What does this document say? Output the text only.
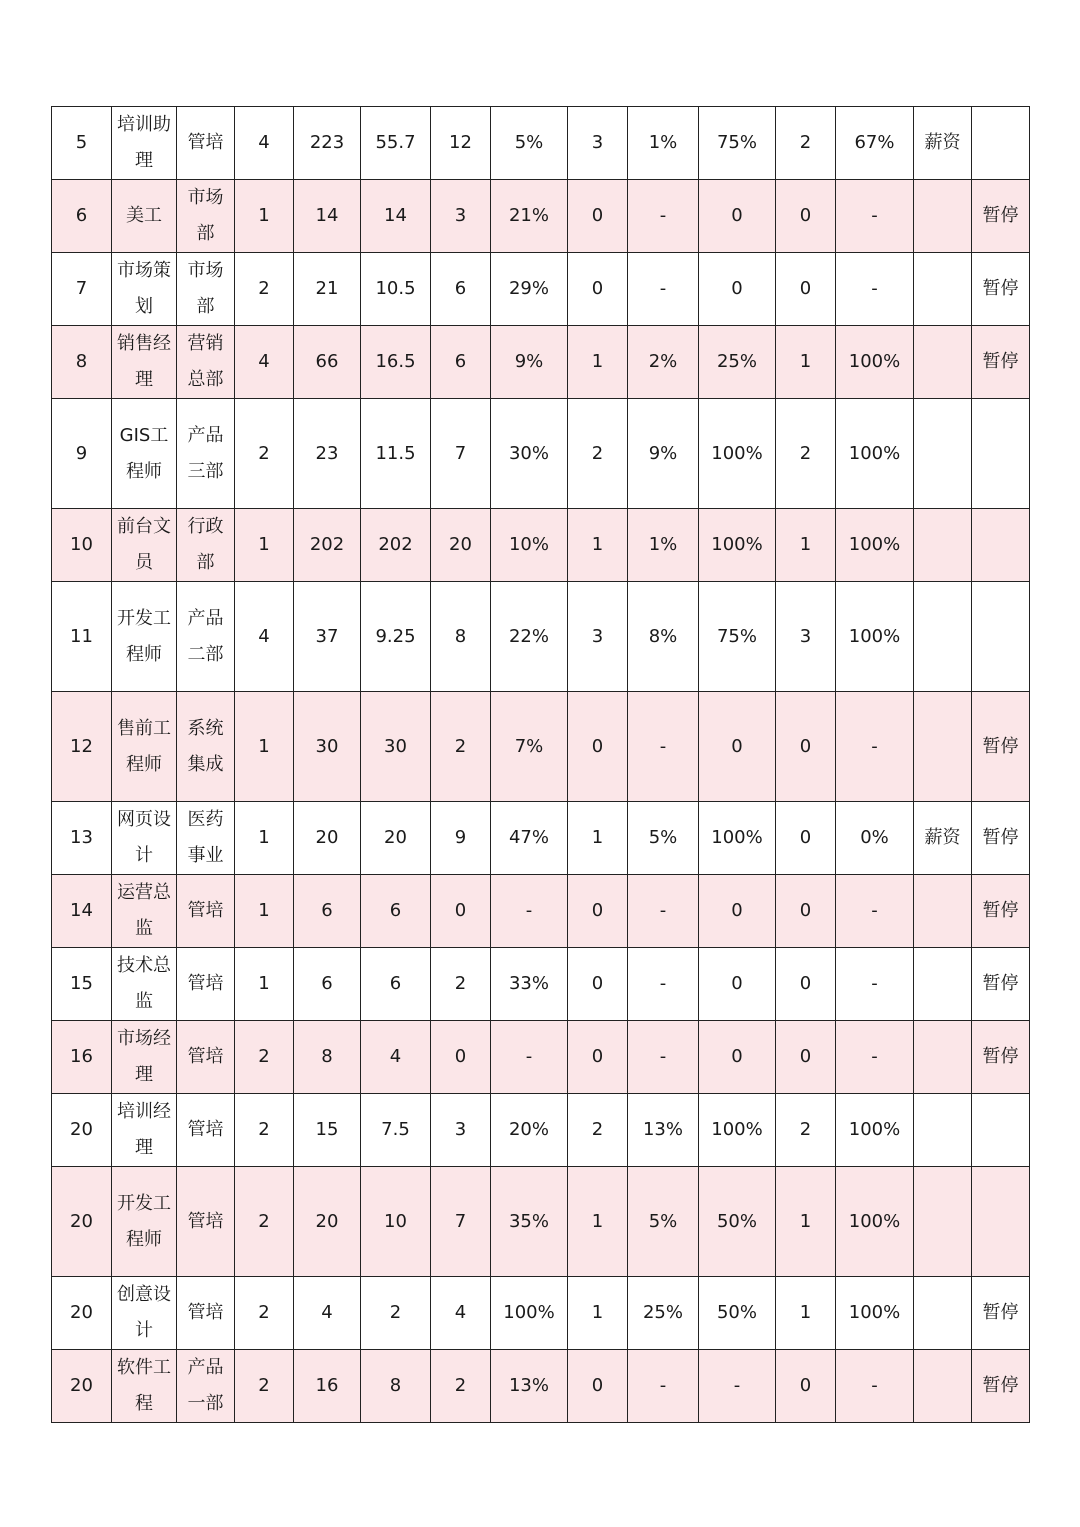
5	培训助理	管培	4	223	55.7	12	5%	3	1%	75%	2	67%	薪资	
6	美工	市场部	1	14	14	3	21%	0	-	0	0	-		暂停
7	市场策划	市场部	2	21	10.5	6	29%	0	-	0	0	-		暂停
8	销售经理	营销总部	4	66	16.5	6	9%	1	2%	25%	1	100%		暂停
9	GIS工程师	产品三部	2	23	11.5	7	30%	2	9%	100%	2	100%		
10	前台文员	行政部	1	202	202	20	10%	1	1%	100%	1	100%		
11	开发工程师	产品二部	4	37	9.25	8	22%	3	8%	75%	3	100%		
12	售前工程师	系统集成	1	30	30	2	7%	0	-	0	0	-		暂停
13	网页设计	医药事业	1	20	20	9	47%	1	5%	100%	0	0%	薪资	暂停
14	运营总监	管培	1	6	6	0	-	0	-	0	0	-		暂停
15	技术总监	管培	1	6	6	2	33%	0	-	0	0	-		暂停
16	市场经理	管培	2	8	4	0	-	0	-	0	0	-		暂停
20	培训经理	管培	2	15	7.5	3	20%	2	13%	100%	2	100%		
20	开发工程师	管培	2	20	10	7	35%	1	5%	50%	1	100%		
20	创意设计	管培	2	4	2	4	100%	1	25%	50%	1	100%		暂停
20	软件工程	产品一部	2	16	8	2	13%	0	-	-	0	-		暂停
